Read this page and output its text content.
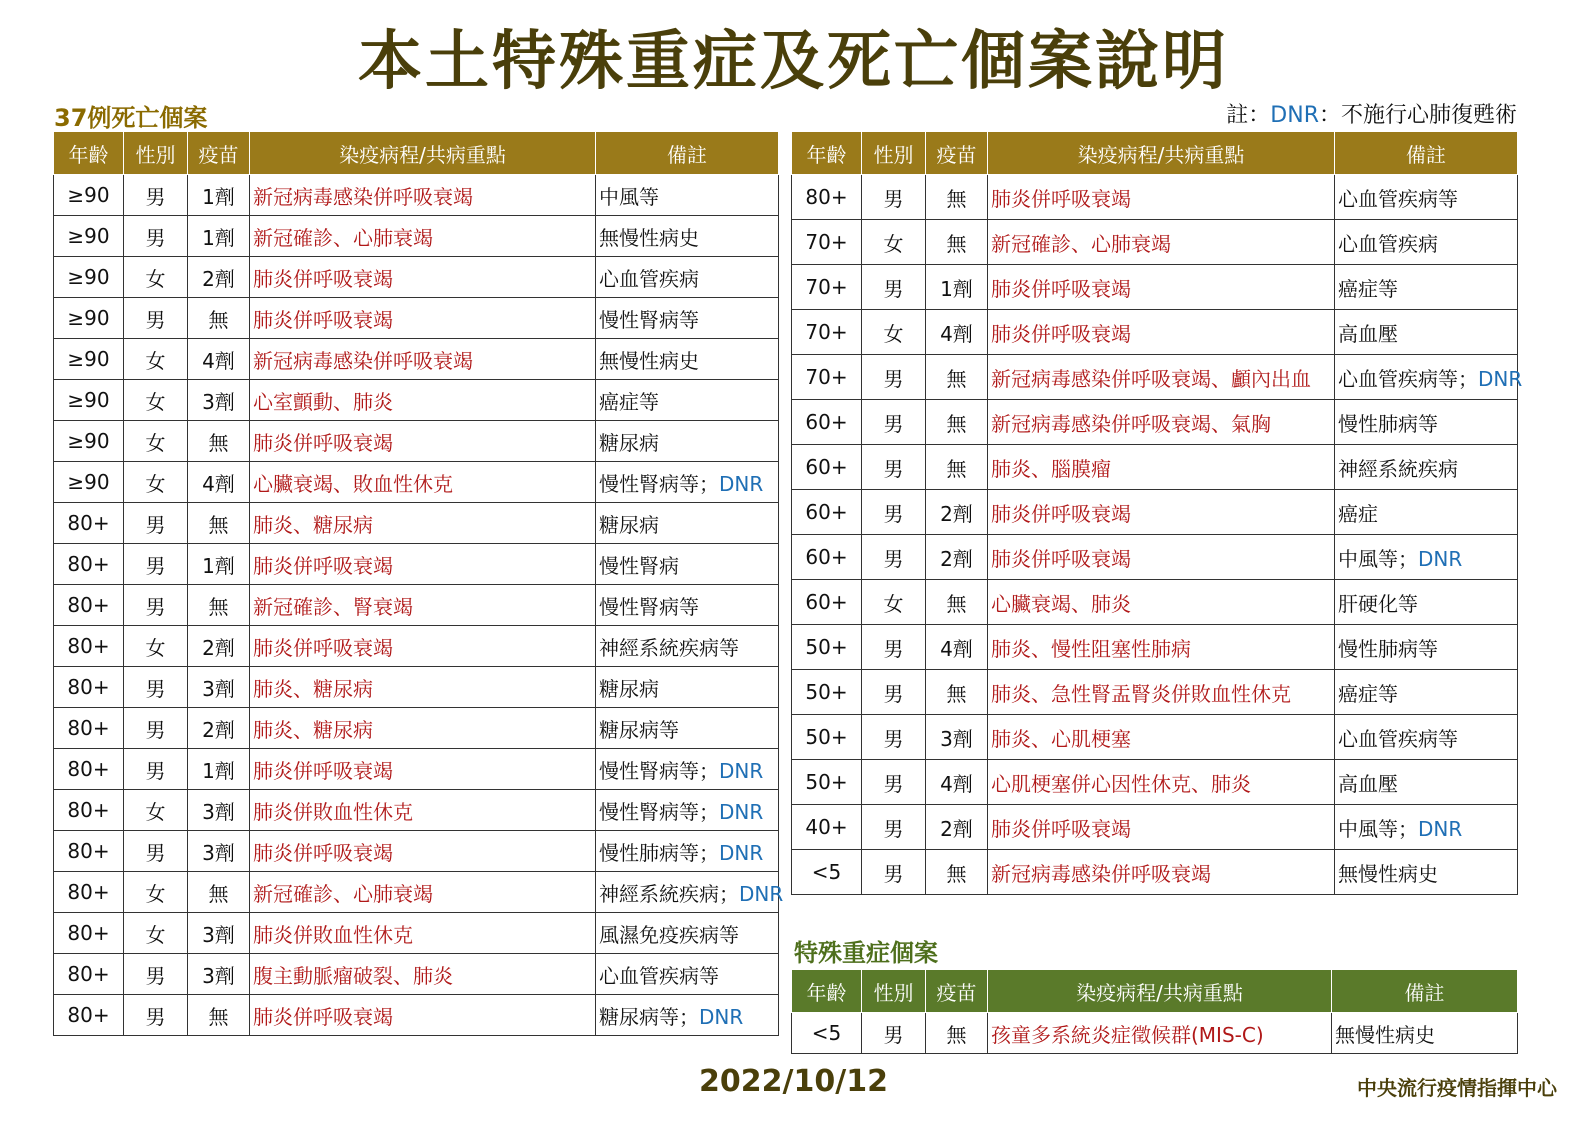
本土特殊重症及死亡個案說明
37例死亡個案	註：DNR：不施行心肺復甦術
年齡	性別	疫苗	染疫病程/共病重點	備註
≥90	男	1劑	新冠病毒感染併呼吸衰竭	中風等
≥90	男	1劑	新冠確診、心肺衰竭	無慢性病史
≥90	女	2劑	肺炎併呼吸衰竭	心血管疾病
≥90	男	無	肺炎併呼吸衰竭	慢性腎病等
≥90	女	4劑	新冠病毒感染併呼吸衰竭	無慢性病史
≥90	女	3劑	心室顫動、肺炎	癌症等
≥90	女	無	肺炎併呼吸衰竭	糖尿病
≥90	女	4劑	心臟衰竭、敗血性休克	慢性腎病等；DNR
80+	男	無	肺炎、糖尿病	糖尿病
80+	男	1劑	肺炎併呼吸衰竭	慢性腎病
80+	男	無	新冠確診、腎衰竭	慢性腎病等
80+	女	2劑	肺炎併呼吸衰竭	神經系統疾病等
80+	男	3劑	肺炎、糖尿病	糖尿病
80+	男	2劑	肺炎、糖尿病	糖尿病等
80+	男	1劑	肺炎併呼吸衰竭	慢性腎病等；DNR
80+	女	3劑	肺炎併敗血性休克	慢性腎病等；DNR
80+	男	3劑	肺炎併呼吸衰竭	慢性肺病等；DNR
80+	女	無	新冠確診、心肺衰竭	神經系統疾病；DNR
80+	女	3劑	肺炎併敗血性休克	風濕免疫疾病等
80+	男	3劑	腹主動脈瘤破裂、肺炎	心血管疾病等
80+	男	無	肺炎併呼吸衰竭	糖尿病等；DNR
年齡	性別	疫苗	染疫病程/共病重點	備註
80+	男	無	肺炎併呼吸衰竭	心血管疾病等
70+	女	無	新冠確診、心肺衰竭	心血管疾病
70+	男	1劑	肺炎併呼吸衰竭	癌症等
70+	女	4劑	肺炎併呼吸衰竭	高血壓
70+	男	無	新冠病毒感染併呼吸衰竭、顱內出血	心血管疾病等；DNR
60+	男	無	新冠病毒感染併呼吸衰竭、氣胸	慢性肺病等
60+	男	無	肺炎、腦膜瘤	神經系統疾病
60+	男	2劑	肺炎併呼吸衰竭	癌症
60+	男	2劑	肺炎併呼吸衰竭	中風等；DNR
60+	女	無	心臟衰竭、肺炎	肝硬化等
50+	男	4劑	肺炎、慢性阻塞性肺病	慢性肺病等
50+	男	無	肺炎、急性腎盂腎炎併敗血性休克	癌症等
50+	男	3劑	肺炎、心肌梗塞	心血管疾病等
50+	男	4劑	心肌梗塞併心因性休克、肺炎	高血壓
40+	男	2劑	肺炎併呼吸衰竭	中風等；DNR
<5	男	無	新冠病毒感染併呼吸衰竭	無慢性病史
特殊重症個案
年齡	性別	疫苗	染疫病程/共病重點	備註
<5	男	無	孩童多系統炎症徵候群(MIS-C)	無慢性病史
2022/10/12	中央流行疫情指揮中心
